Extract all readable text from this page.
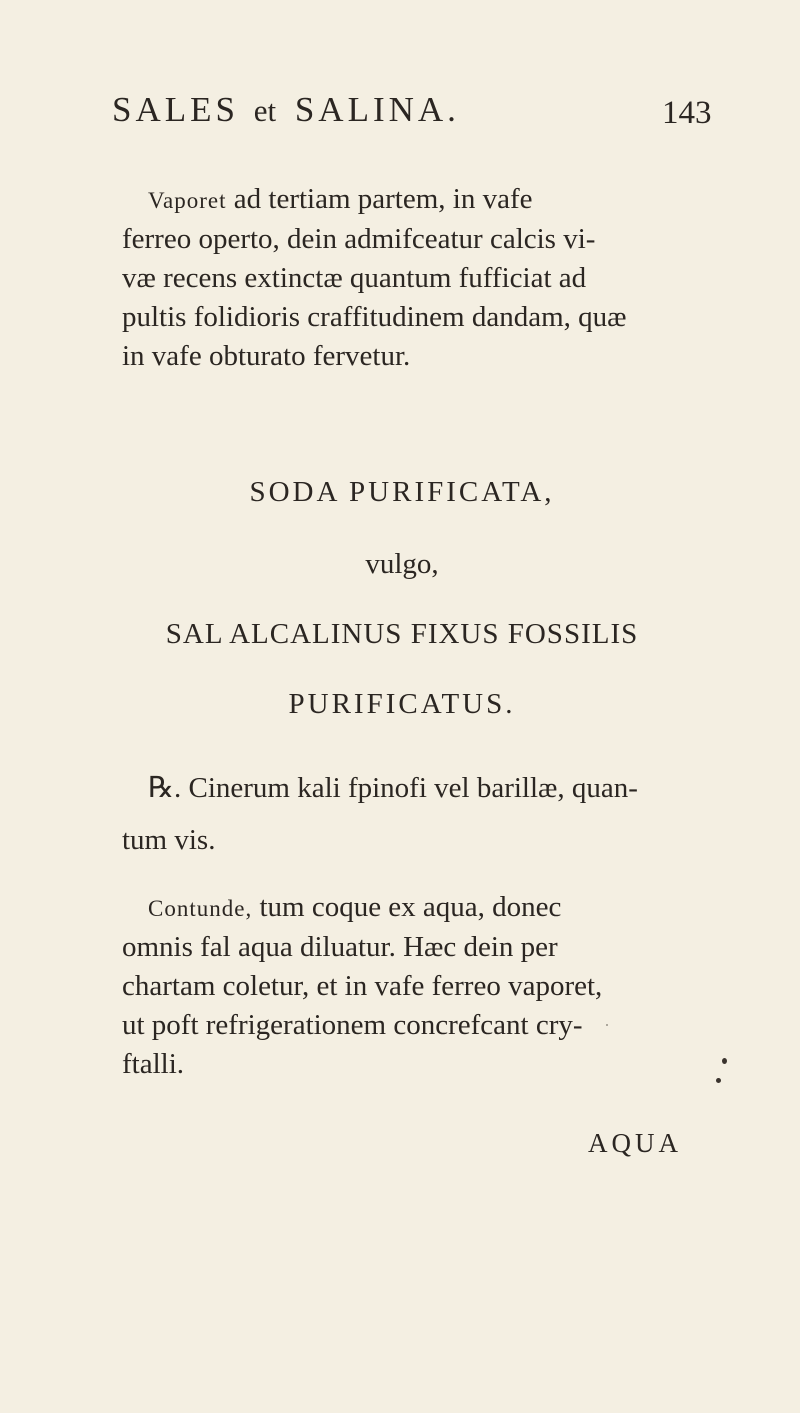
SALES et SALINA.	143

Vaporet ad tertiam partem, in vafe
ferreo operto, dein admifceatur calcis vi-
væ recens extinctæ quantum fufficiat ad
pultis folidioris craffitudinem dandam, quæ
in vafe obturato fervetur.

SODA PURIFICATA,
vulgo,
SAL ALCALINUS FIXUS FOSSILIS
PURIFICATUS.

℞. Cinerum kali fpinofi vel barillæ, quan-
tum vis.

Contunde, tum coque ex aqua, donec
omnis fal aqua diluatur. Hæc dein per
chartam coletur, et in vafe ferreo vaporet,
ut poft refrigerationem concrefcant cry-
ftalli.

AQUA
